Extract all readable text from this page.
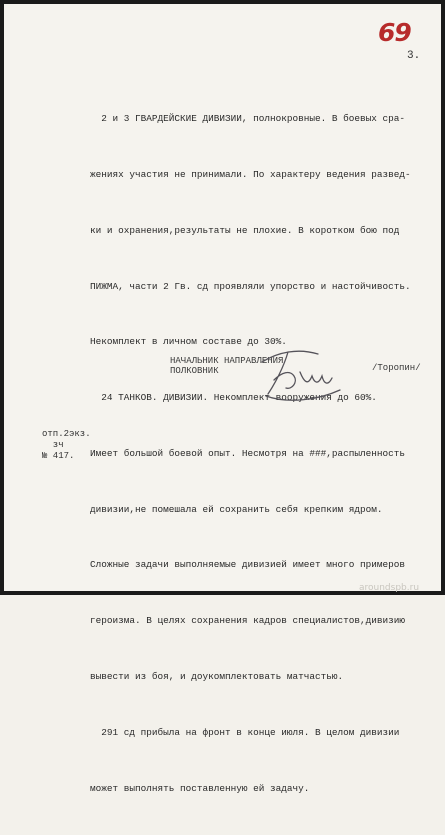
69
3.

2 и 3 ГВАРДЕЙСКИЕ ДИВИЗИИ, полнокровные. В боевых сра-

жениях участия не принимали. По характеру ведения развед-

ки и охранения,результаты не плохие. В коротком бою под

ПИЖМА, части 2 Гв. сд проявляли упорство и настойчивость.

Некомплект в личном составе до 30%.

24 ТАНКОВ. ДИВИЗИИ. Некомплект вооружения до 60%.

Имеет большой боевой опыт. Несмотря на ###,распыленность

дивизии,не помешала ей сохранить себя крепким ядром.

Сложные задачи выполняемые дивизией имеет много примеров

героизма. В целях сохранения кадров специалистов,дивизию

вывести из боя, и доукомплектовать матчастью.

291 сд прибыла на фронт в конце июля. В целом дивизии

может выполнять поставленную ей задачу.

НАЧАЛЬНИК НАПРАВЛЕНИЯ
ПОЛКОВНИК	/Торопин/
отп.2экз.
зч
№ 417.
aroundspb.ru
